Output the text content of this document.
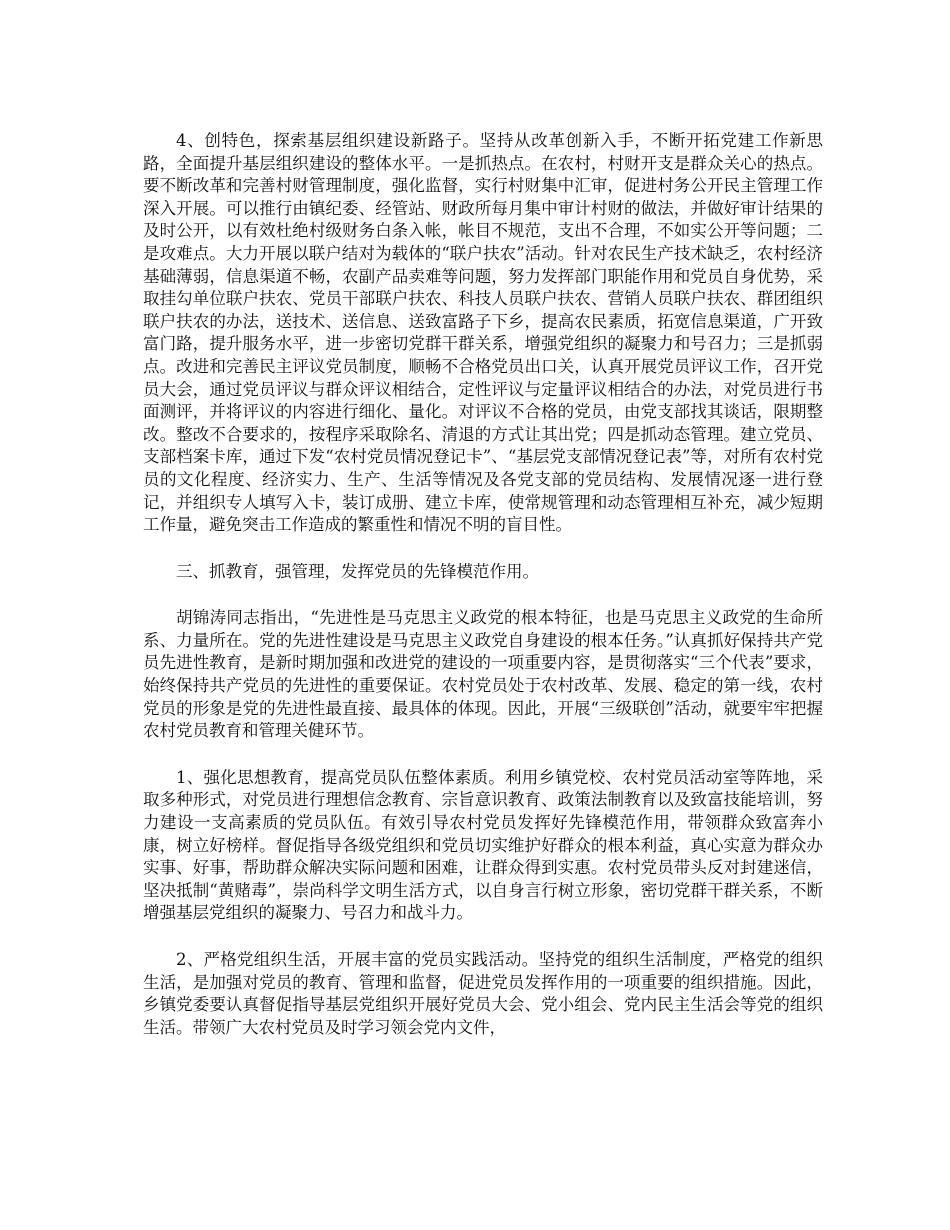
4、创特色，探索基层组织建设新路子。坚持从改革创新入手，不断开拓党建工作新思路，全面提升基层组织建设的整体水平。一是抓热点。在农村，村财开支是群众关心的热点。要不断改革和完善村财管理制度，强化监督，实行村财集中汇审，促进村务公开民主管理工作深入开展。可以推行由镇纪委、经管站、财政所每月集中审计村财的做法，并做好审计结果的及时公开，以有效杜绝村级财务白条入帐，帐目不规范，支出不合理，不如实公开等问题；二是攻难点。大力开展以联户结对为载体的“联户扶农”活动。针对农民生产技术缺乏，农村经济基础薄弱，信息渠道不畅，农副产品卖难等问题，努力发挥部门职能作用和党员自身优势，采取挂勾单位联户扶农、党员干部联户扶农、科技人员联户扶农、营销人员联户扶农、群团组织联户扶农的办法，送技术、送信息、送致富路子下乡，提高农民素质，拓宽信息渠道，广开致富门路，提升服务水平，进一步密切党群干群关系，增强党组织的凝聚力和号召力；三是抓弱点。改进和完善民主评议党员制度，顺畅不合格党员出口关，认真开展党员评议工作，召开党员大会，通过党员评议与群众评议相结合，定性评议与定量评议相结合的办法，对党员进行书面测评，并将评议的内容进行细化、量化。对评议不合格的党员，由党支部找其谈话，限期整改。整改不合要求的，按程序采取除名、清退的方式让其出党；四是抓动态管理。建立党员、支部档案卡库，通过下发“农村党员情况登记卡”、“基层党支部情况登记表”等，对所有农村党员的文化程度、经济实力、生产、生活等情况及各党支部的党员结构、发展情况逐一进行登记，并组织专人填写入卡，装订成册、建立卡库，使常规管理和动态管理相互补充，减少短期工作量，避免突击工作造成的繁重性和情况不明的盲目性。

三、抓教育，强管理，发挥党员的先锋模范作用。

胡锦涛同志指出，“先进性是马克思主义政党的根本特征，也是马克思主义政党的生命所系、力量所在。党的先进性建设是马克思主义政党自身建设的根本任务。”认真抓好保持共产党员先进性教育，是新时期加强和改进党的建设的一项重要内容，是贯彻落实“三个代表”要求，始终保持共产党员的先进性的重要保证。农村党员处于农村改革、发展、稳定的第一线，农村党员的形象是党的先进性最直接、最具体的体现。因此，开展“三级联创”活动，就要牢牢把握农村党员教育和管理关健环节。

1、强化思想教育，提高党员队伍整体素质。利用乡镇党校、农村党员活动室等阵地，采取多种形式，对党员进行理想信念教育、宗旨意识教育、政策法制教育以及致富技能培训，努力建设一支高素质的党员队伍。有效引导农村党员发挥好先锋模范作用，带领群众致富奔小康，树立好榜样。督促指导各级党组织和党员切实维护好群众的根本利益，真心实意为群众办实事、好事，帮助群众解决实际问题和困难，让群众得到实惠。农村党员带头反对封建迷信，坚决抵制“黄赌毒”，崇尚科学文明生活方式，以自身言行树立形象，密切党群干群关系，不断增强基层党组织的凝聚力、号召力和战斗力。

2、严格党组织生活，开展丰富的党员实践活动。坚持党的组织生活制度，严格党的组织生活，是加强对党员的教育、管理和监督，促进党员发挥作用的一项重要的组织措施。因此，乡镇党委要认真督促指导基层党组织开展好党员大会、党小组会、党内民主生活会等党的组织生活。带领广大农村党员及时学习领会党内文件，
